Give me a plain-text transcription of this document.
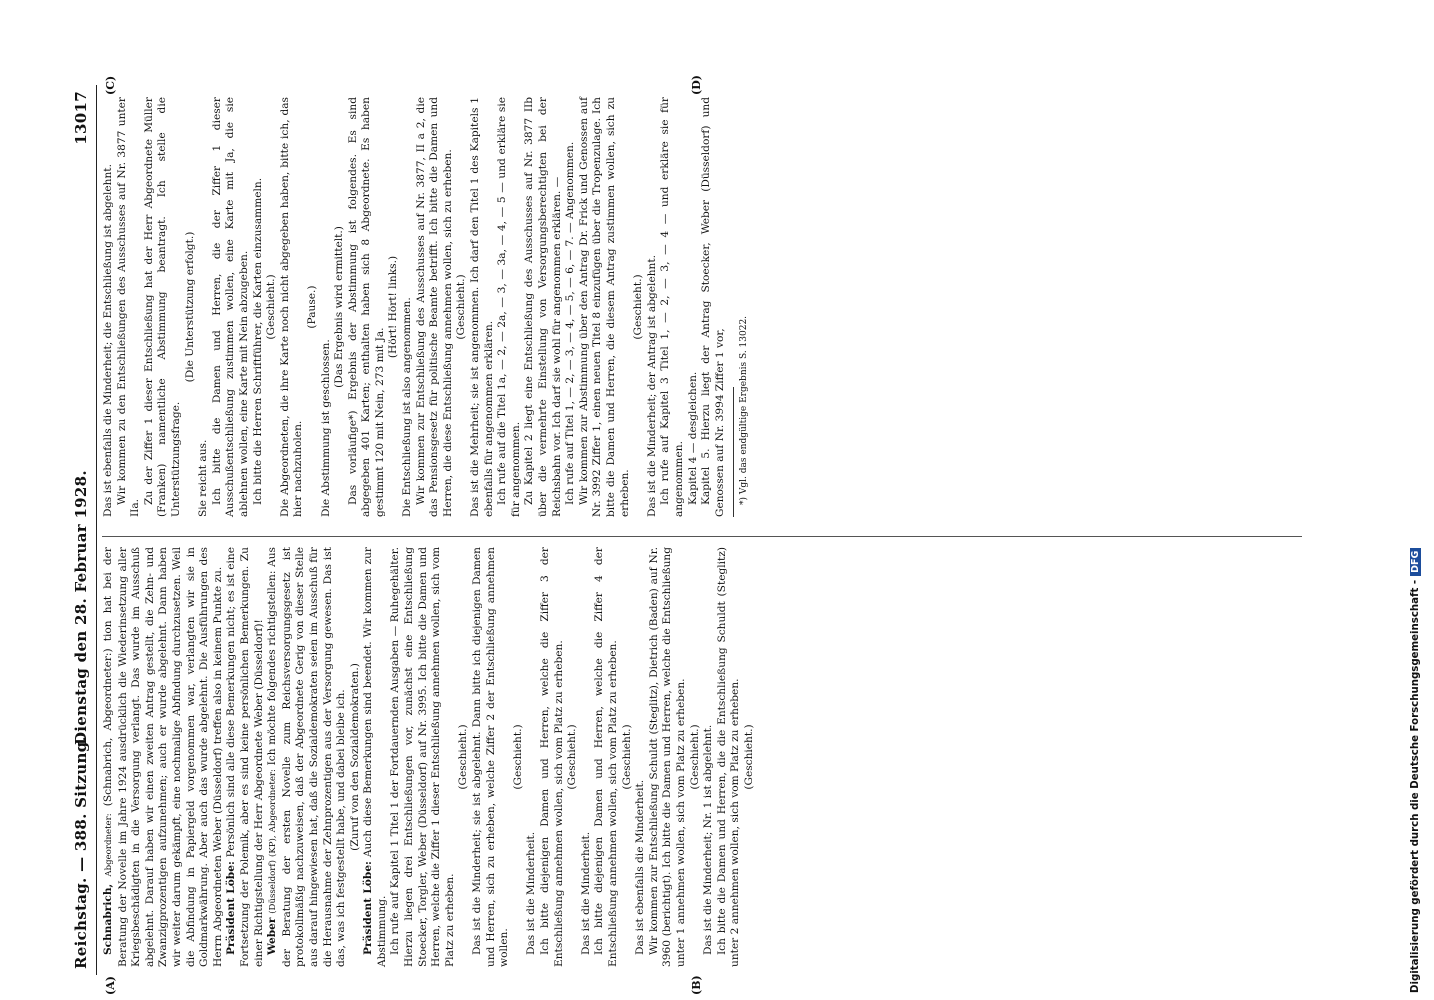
Reichstag. — 388. Sitzung.
Dienstag den 28. Februar 1928.
13017
(A)	(B)
(C)	(D)

Schnabrich, Abgeordneter: (Schnabrich, Abgeordneter:) tion hat bei der Beratung der Novelle im Jahre 1924 ausdrücklich die Wiederinsetzung aller Kriegsbeschädigten in die Versorgung verlangt. Das wurde im Ausschuß abgelehnt. Darauf haben wir einen zweiten Antrag gestellt, die Zehn- und Zwanzigprozentigen aufzunehmen; auch er wurde abgelehnt. Dann haben wir weiter darum gekämpft, eine nochmalige Abfindung durchzusetzen. Weil die Abfindung in Papiergeld vorgenommen war, verlangten wir sie in Goldmarkwährung. Aber auch das wurde abgelehnt. Die Ausführungen des Herrn Abgeordneten Weber (Düsseldorf) treffen also in keinem Punkte zu. Präsident Löbe: Persönlich sind alle diese Bemerkungen nicht; es ist eine Fortsetzung der Polemik, aber es sind keine persönlichen Bemerkungen. Zu einer Richtigstellung der Herr Abgeordnete Weber (Düsseldorf)! Weber (Düsseldorf) (KP), Abgeordneter: Ich möchte folgendes richtigstellen: Aus der Beratung der ersten Novelle zum Reichsversorgungsgesetz ist protokollmäßig nachzuweisen, daß der Abgeordnete Gerig von dieser Stelle aus darauf hingewiesen hat, daß die Sozialdemokraten seien im Ausschuß für die Herausnahme der Zehnprozentigen aus der Versorgung gewesen. Das ist das, was ich festgestellt habe, und dabei bleibe ich. (Zuruf von den Sozialdemokraten.)

Präsident Löbe: Auch diese Bemerkungen sind beendet. Wir kommen zur Abstimmung. Ich rufe auf Kapitel 1 Titel 1 der Fortdauernden Ausgaben — Ruhegehälter. Hierzu liegen drei Entschließungen vor, zunächst eine Entschließung Stoecker, Torgler, Weber (Düsseldorf) auf Nr. 3995. Ich bitte die Damen und Herren, welche die Ziffer 1 dieser Entschließung annehmen wollen, sich vom Platz zu erheben.

(Geschieht.) Das ist die Minderheit; sie ist abgelehnt. Dann bitte ich diejenigen Damen und Herren, sich zu erheben, welche Ziffer 2 der Entschließung annehmen wollen.

(Geschieht.)

Das ist die Minderheit. Ich bitte diejenigen Damen und Herren, welche die Ziffer 3 der Entschließung annehmen wollen, sich vom Platz zu erheben. (Geschieht.)

Das ist die Minderheit. Ich bitte diejenigen Damen und Herren, welche die Ziffer 4 der Entschließung annehmen wollen, sich vom Platz zu erheben. (Geschieht.)

Das ist ebenfalls die Minderheit. Wir kommen zur Entschließung Schuldt (Steglitz), Dietrich (Baden) auf Nr. 3960 (berichtigt). Ich bitte die Damen und Herren, welche die Entschließung unter 1 annehmen wollen, sich vom Platz zu erheben. (Geschieht.) Das ist die Minderheit; Nr. 1 ist abgelehnt. Ich bitte die Damen und Herren, die die Entschließung Schuldt (Steglitz) unter 2 annehmen wollen, sich vom Platz zu erheben. (Geschieht.)

Das ist ebenfalls die Minderheit; die Entschließung ist abgelehnt. Wir kommen zu den Entschließungen des Ausschusses auf Nr. 3877 unter IIa.

Zu der Ziffer 1 dieser Entschließung hat der Herr Abgeordnete Müller (Franken) namentliche Abstimmung beantragt. Ich stelle die Unterstützungsfrage.

(Die Unterstützung erfolgt.)

Sie reicht aus. Ich bitte die Damen und Herren, die der Ziffer 1 dieser Ausschußentschließung zustimmen wollen, eine Karte mit Ja, die sie ablehnen wollen, eine Karte mit Nein abzugeben. Ich bitte die Herren Schriftführer, die Karten einzusammeln. (Geschieht.) Die Abgeordneten, die ihre Karte noch nicht abgegeben haben, bitte ich, das hier nachzuholen.

(Pause.)

Die Abstimmung ist geschlossen.

(Das Ergebnis wird ermittelt.) Das vorläufige*) Ergebnis der Abstimmung ist folgendes. Es sind abgegeben 401 Karten; enthalten haben sich 8 Abgeordnete. Es haben gestimmt 120 mit Nein, 273 mit Ja.

(Hört! Hört! links.) Die Entschließung ist also angenommen. Wir kommen zur Entschließung des Ausschusses auf Nr. 3877, II a 2, die das Pensionsgesetz für politische Beamte betrifft. Ich bitte die Damen und Herren, die diese Entschließung annehmen wollen, sich zu erheben. (Geschieht.) Das ist die Mehrheit; sie ist angenommen. Ich darf den Titel 1 des Kapitels 1 ebenfalls für angenommen erklären. Ich rufe auf die Titel 1a, — 2, — 2a, — 3, — 3a, — 4, — 5 — und erkläre sie für angenommen. Zu Kapitel 2 liegt eine Entschließung des Ausschusses auf Nr. 3877 IIb über die vermehrte Einstellung von Versorgungsberechtigten bei der Reichsbahn vor. Ich darf sie wohl für angenommen erklären. — Ich rufe auf Titel 1, — 2, — 3, — 4, — 5, — 6, — 7. — Angenommen. Wir kommen zur Abstimmung über den Antrag Dr. Frick und Genossen auf Nr. 3992 Ziffer 1, einen neuen Titel 8 einzufügen über die Tropenzulage. Ich bitte die Damen und Herren, die diesem Antrag zustimmen wollen, sich zu erheben.

(Geschieht.) Das ist die Minderheit; der Antrag ist abgelehnt. Ich rufe auf Kapitel 3 Titel 1, — 2, — 3, — 4 — und erkläre sie für angenommen. Kapitel 4 — desgleichen. Kapitel 5. Hierzu liegt der Antrag Stoecker, Weber (Düsseldorf) und Genossen auf Nr. 3994 Ziffer 1 vor, *) Vgl. das endgültige Ergebnis S. 13022.

Digitalisierung gefördert durch die Deutsche Forschungsgemeinschaft -DFG
